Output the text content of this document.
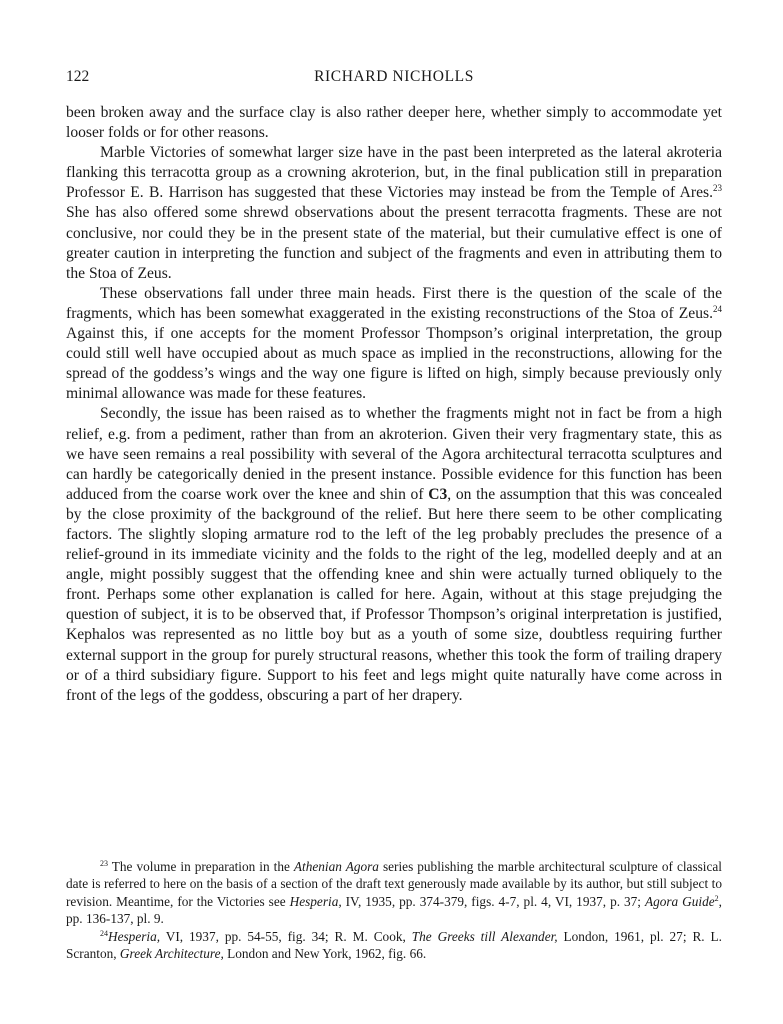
122	RICHARD NICHOLLS

been broken away and the surface clay is also rather deeper here, whether simply to accommodate yet looser folds or for other reasons.

Marble Victories of somewhat larger size have in the past been interpreted as the lateral akroteria flanking this terracotta group as a crowning akroterion, but, in the final publication still in preparation Professor E. B. Harrison has suggested that these Victories may instead be from the Temple of Ares.$^{23}$ She has also offered some shrewd observations about the present terracotta fragments. These are not conclusive, nor could they be in the present state of the material, but their cumulative effect is one of greater caution in interpreting the function and subject of the fragments and even in attributing them to the Stoa of Zeus.

These observations fall under three main heads. First there is the question of the scale of the fragments, which has been somewhat exaggerated in the existing reconstructions of the Stoa of Zeus.$^{24}$ Against this, if one accepts for the moment Professor Thompson’s original interpretation, the group could still well have occupied about as much space as implied in the reconstructions, allowing for the spread of the goddess’s wings and the way one figure is lifted on high, simply because previously only minimal allowance was made for these features.

Secondly, the issue has been raised as to whether the fragments might not in fact be from a high relief, e.g. from a pediment, rather than from an akroterion. Given their very fragmentary state, this as we have seen remains a real possibility with several of the Agora architectural terracotta sculptures and can hardly be categorically denied in the present instance. Possible evidence for this function has been adduced from the coarse work over the knee and shin of C3, on the assumption that this was concealed by the close proximity of the background of the relief. But here there seem to be other complicating factors. The slightly sloping armature rod to the left of the leg probably precludes the presence of a relief-ground in its immediate vicinity and the folds to the right of the leg, modelled deeply and at an angle, might possibly suggest that the offending knee and shin were actually turned obliquely to the front. Perhaps some other explanation is called for here. Again, without at this stage prejudging the question of subject, it is to be observed that, if Professor Thompson’s original interpretation is justified, Kephalos was represented as no little boy but as a youth of some size, doubtless requiring further external support in the group for purely structural reasons, whether this took the form of trailing drapery or of a third subsidiary figure. Support to his feet and legs might quite naturally have come across in front of the legs of the goddess, obscuring a part of her drapery.

$^{23}$ The volume in preparation in the Athenian Agora series publishing the marble architectural sculpture of classical date is referred to here on the basis of a section of the draft text generously made available by its author, but still subject to revision. Meantime, for the Victories see Hesperia, IV, 1935, pp. 374-379, figs. 4-7, pl. 4, VI, 1937, p. 37; Agora Guide$^2$, pp. 136-137, pl. 9.

$^{24}$Hesperia, VI, 1937, pp. 54-55, fig. 34; R. M. Cook, The Greeks till Alexander, London, 1961, pl. 27; R. L. Scranton, Greek Architecture, London and New York, 1962, fig. 66.
